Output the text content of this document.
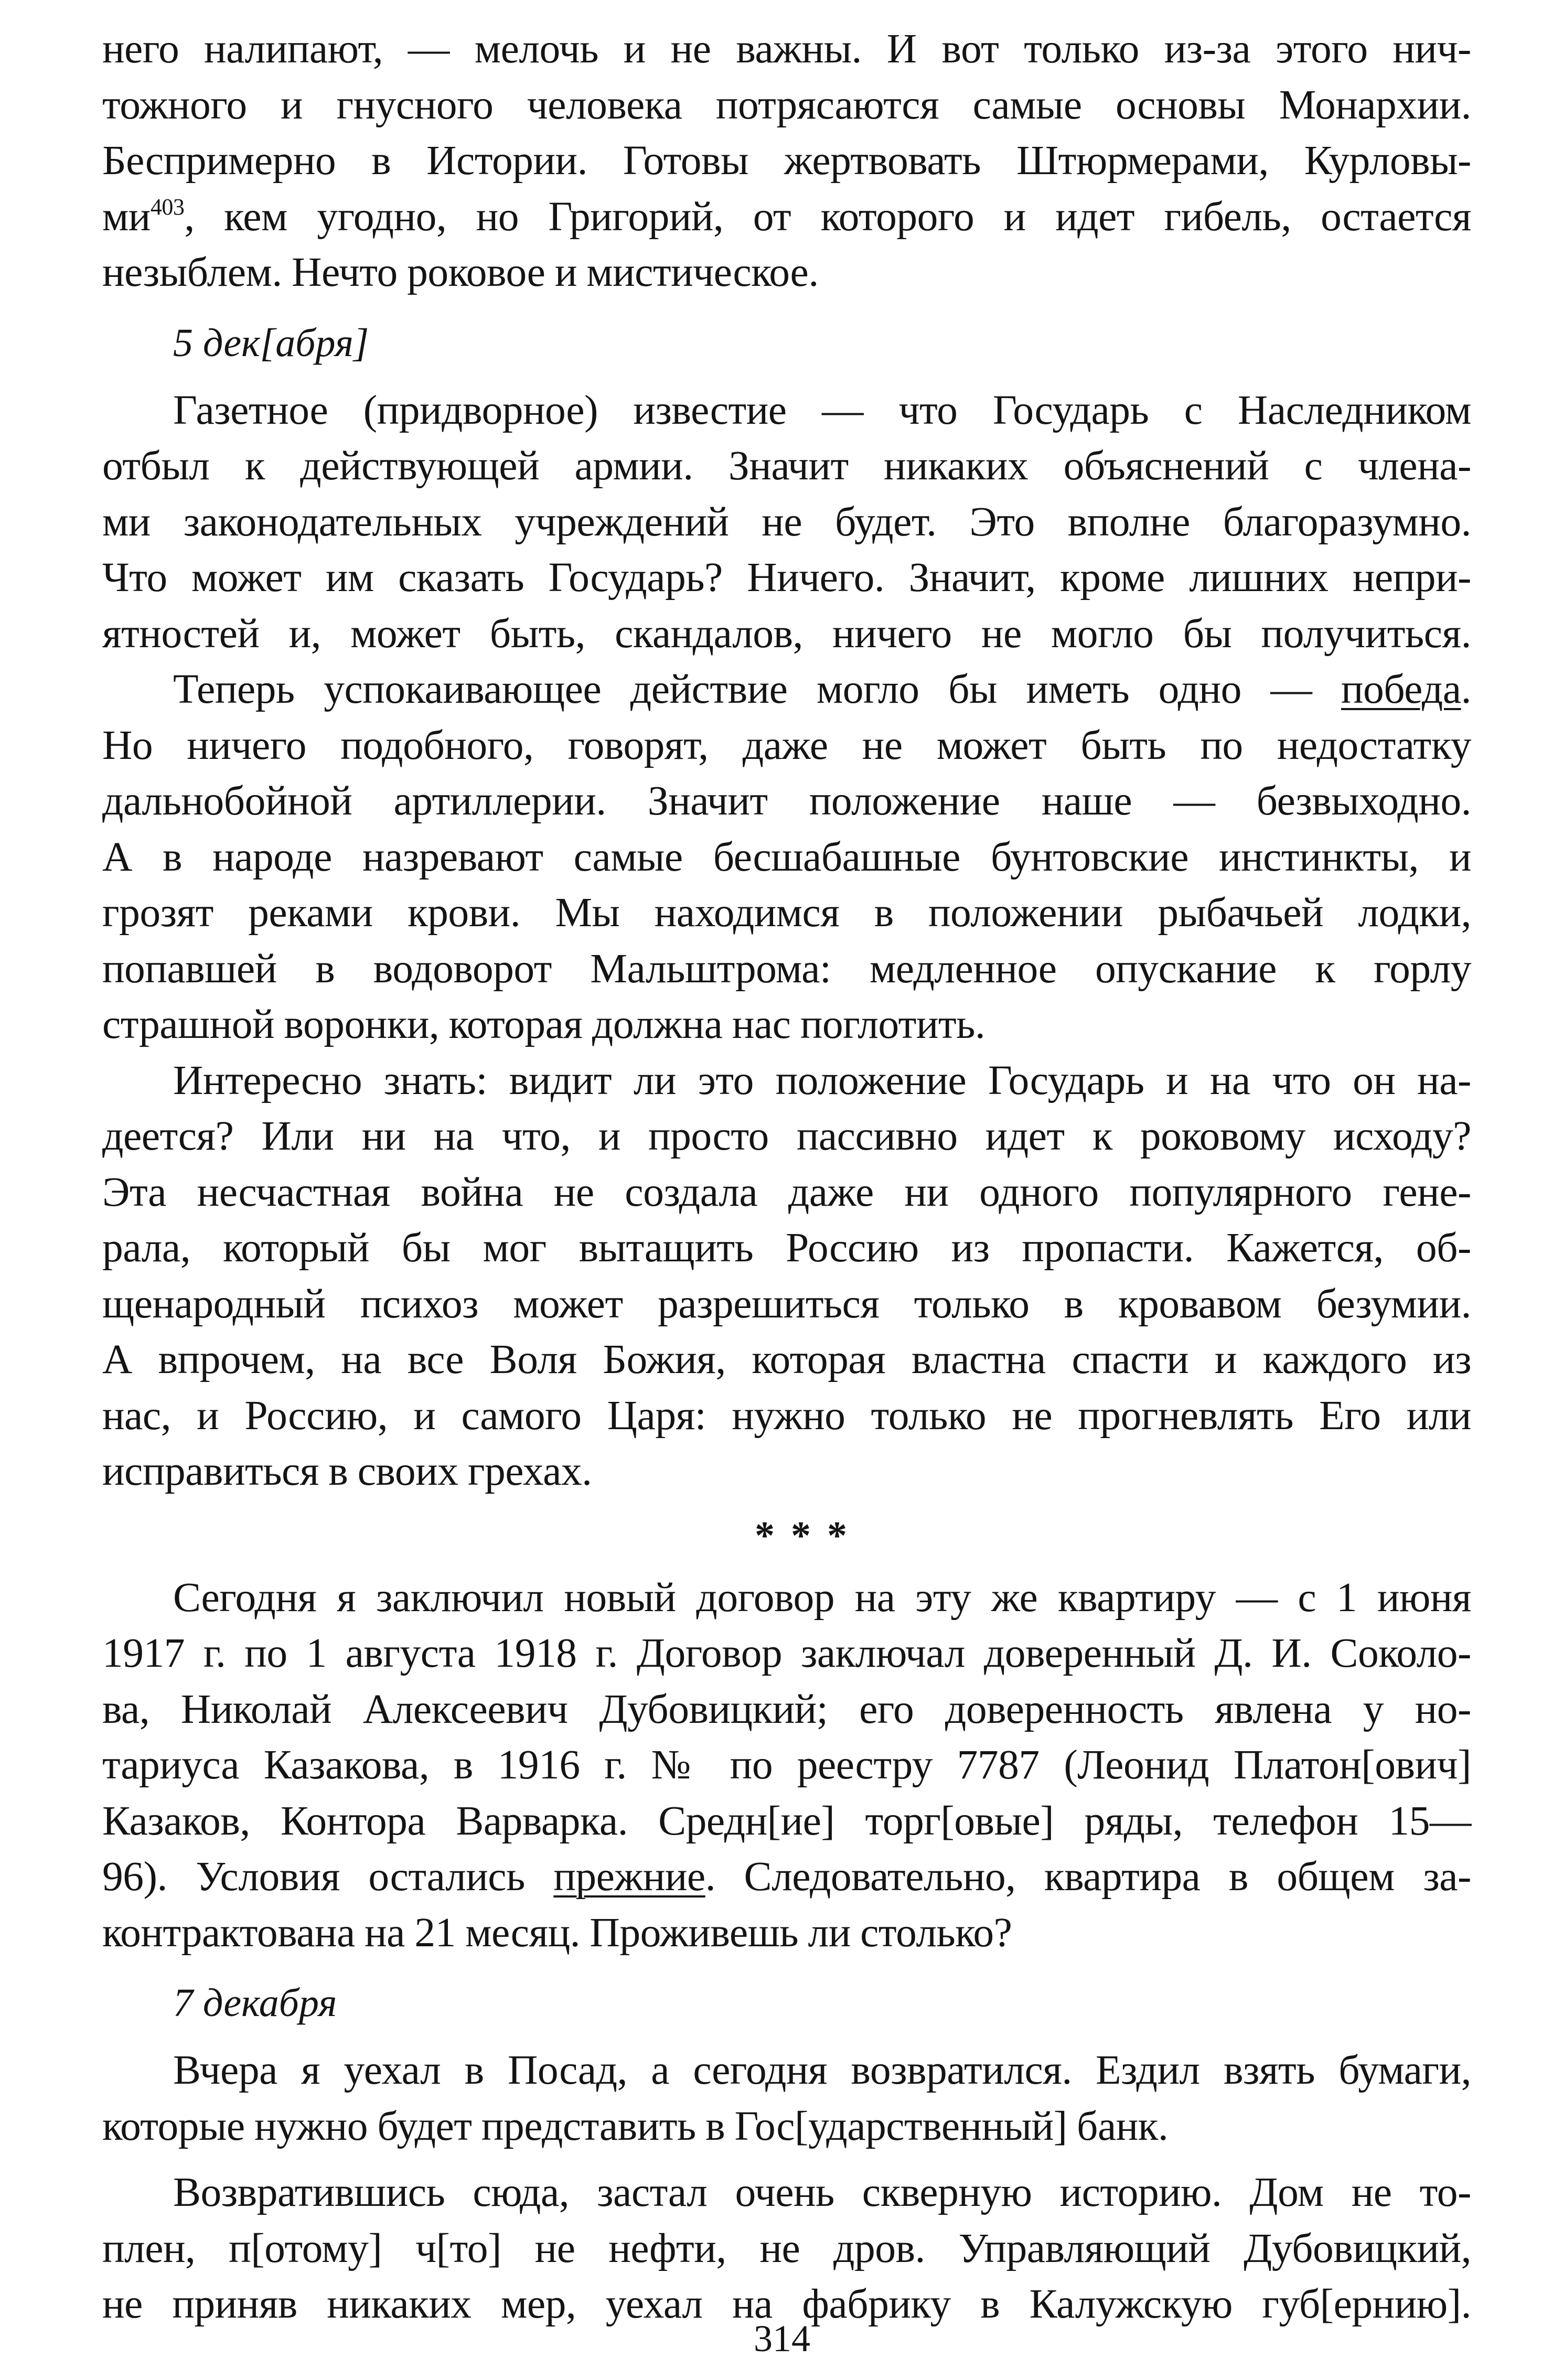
него налипают, — мелочь и не важны. И вот только из-за этого нич-
тожного и гнусного человека потрясаются самые основы Монархии.
Беспримерно в Истории. Готовы жертвовать Штюрмерами, Курловы-
$ми^{403}$, кем угодно, но Григорий, от которого и идет гибель, остается
незыблем. Нечто роковое и мистическое.
5 дек[абря]
Газетное (придворное) известие — что Государь с Наследником
отбыл к действующей армии. Значит никаких объяснений с члена-
ми законодательных учреждений не будет. Это вполне благоразумно.
Что может им сказать Государь? Ничего. Значит, кроме лишних непри-
ятностей и, может быть, скандалов, ничего не могло бы получиться.
Теперь успокаивающее действие могло бы иметь одно — победа.
Но ничего подобного, говорят, даже не может быть по недостатку
дальнобойной артиллерии. Значит положение наше — безвыходно.
А в народе назревают самые бесшабашные бунтовские инстинкты, и
грозят реками крови. Мы находимся в положении рыбачьей лодки,
попавшей в водоворот Мальштрома: медленное опускание к горлу
страшной воронки, которая должна нас поглотить.
Интересно знать: видит ли это положение Государь и на что он на-
деется? Или ни на что, и просто пассивно идет к роковому исходу?
Эта несчастная война не создала даже ни одного популярного гене-
рала, который бы мог вытащить Россию из пропасти. Кажется, об-
щенародный психоз может разрешиться только в кровавом безумии.
А впрочем, на все Воля Божия, которая властна спасти и каждого из
нас, и Россию, и самого Царя: нужно только не прогневлять Его или
исправиться в своих грехах.
* * *
Сегодня я заключил новый договор на эту же квартиру — с 1 июня
1917 г. по 1 августа 1918 г. Договор заключал доверенный Д. И. Соколо-
ва, Николай Алексеевич Дубовицкий; его доверенность явлена у но-
тариуса Казакова, в 1916 г. № по реестру 7787 (Леонид Платон[ович]
Казаков, Контора Варварка. Средн[ие] торг[овые] ряды, телефон 15—
96). Условия остались прежние. Следовательно, квартира в общем за-
контрактована на 21 месяц. Проживешь ли столько?
7 декабря
Вчера я уехал в Посад, а сегодня возвратился. Ездил взять бумаги,
которые нужно будет представить в Гос[ударственный] банк.
Возвратившись сюда, застал очень скверную историю. Дом не то-
плен, п[отому] ч[то] не нефти, не дров. Управляющий Дубовицкий,
не приняв никаких мер, уехал на фабрику в Калужскую губ[ернию].
314
